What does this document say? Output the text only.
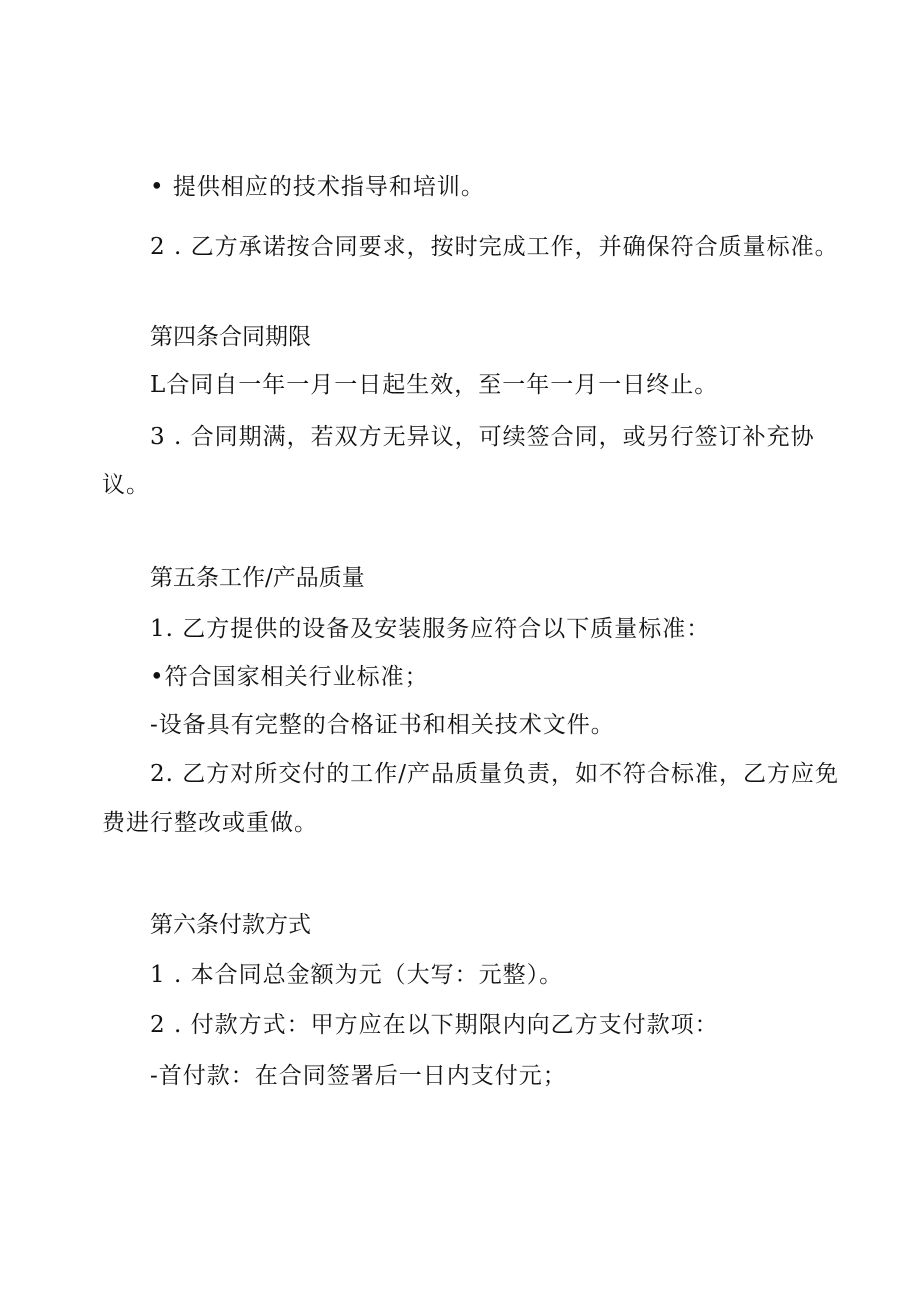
• 提供相应的技术指导和培训。
2 . 乙方承诺按合同要求，按时完成工作，并确保符合质量标准。
第四条合同期限
L合同自一年一月一日起生效，至一年一月一日终止。
3 . 合同期满，若双方无异议，可续签合同，或另行签订补充协
议。
第五条工作/产品质量
1. 乙方提供的设备及安装服务应符合以下质量标准：
•符合国家相关行业标准；
-设备具有完整的合格证书和相关技术文件。
2. 乙方对所交付的工作/产品质量负责，如不符合标准，乙方应免
费进行整改或重做。
第六条付款方式
1 . 本合同总金额为元（大写：元整）。
2 . 付款方式：甲方应在以下期限内向乙方支付款项：
-首付款：在合同签署后一日内支付元；
